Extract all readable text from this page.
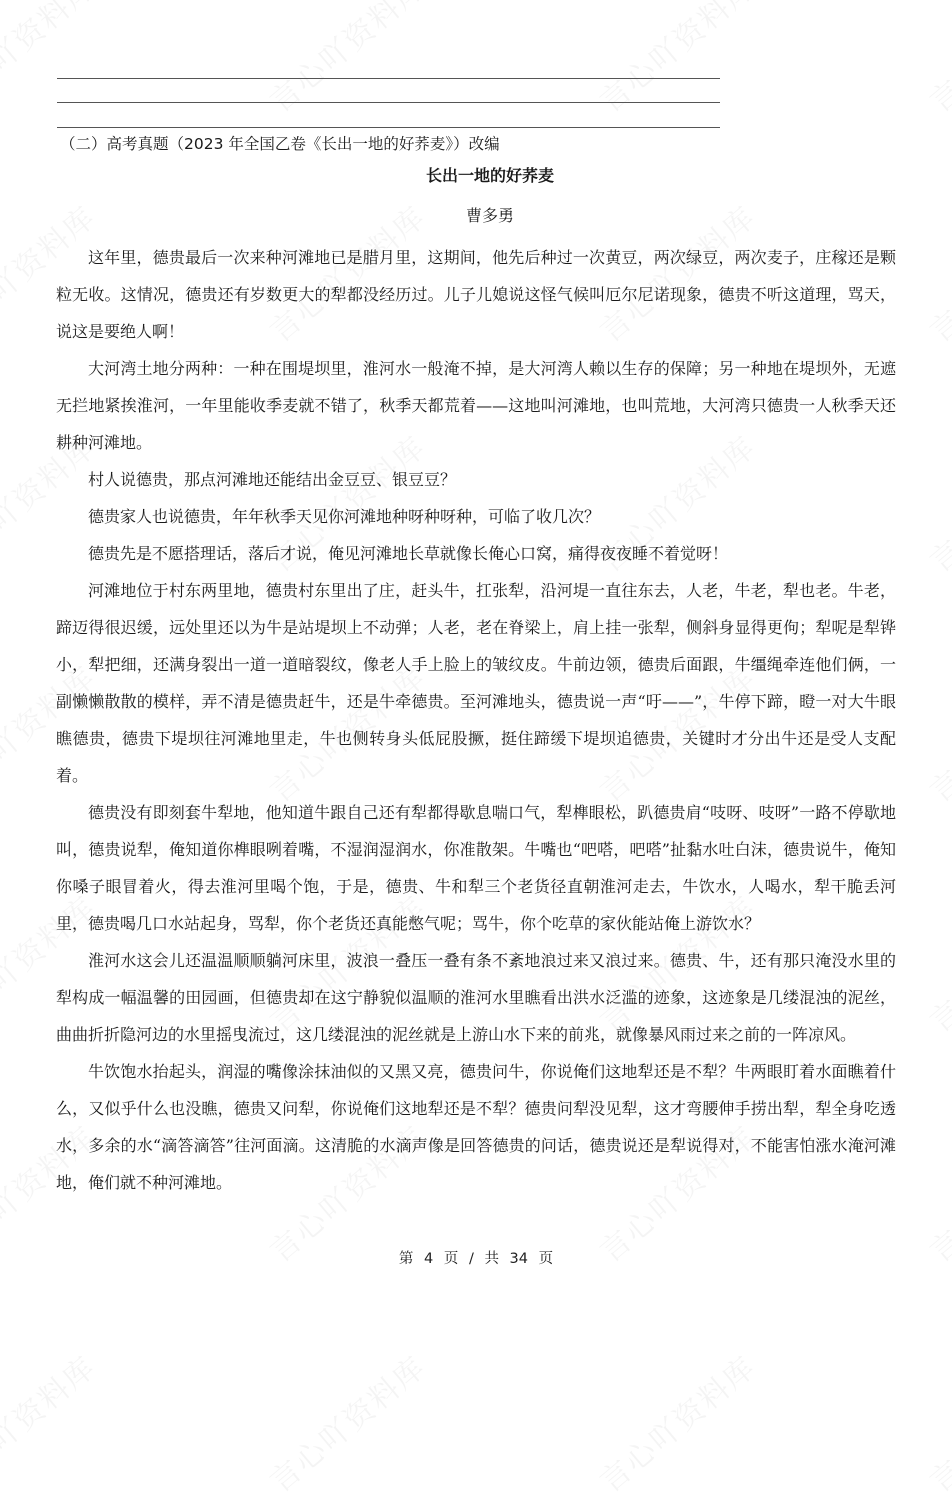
（二）高考真题（2023 年全国乙卷《长出一地的好荞麦》）改编
长出一地的好荞麦
曹多勇

这年里，德贵最后一次来种河滩地已是腊月里，这期间，他先后种过一次黄豆，两次绿豆，两次麦子，庄稼还是颗粒无收。这情况，德贵还有岁数更大的犁都没经历过。儿子儿媳说这怪气候叫厄尔尼诺现象，德贵不听这道理，骂天，说这是要绝人啊！

大河湾土地分两种：一种在围堤坝里，淮河水一般淹不掉，是大河湾人赖以生存的保障；另一种地在堤坝外，无遮无拦地紧挨淮河，一年里能收季麦就不错了，秋季天都荒着——这地叫河滩地，也叫荒地，大河湾只德贵一人秋季天还耕种河滩地。

村人说德贵，那点河滩地还能结出金豆豆、银豆豆？

德贵家人也说德贵，年年秋季天见你河滩地种呀种呀种，可临了收几次？

德贵先是不愿搭理话，落后才说，俺见河滩地长草就像长俺心口窝，痛得夜夜睡不着觉呀！

河滩地位于村东两里地，德贵村东里出了庄，赶头牛，扛张犁，沿河堤一直往东去，人老，牛老，犁也老。牛老，蹄迈得很迟缓，远处里还以为牛是站堤坝上不动弹；人老，老在脊梁上，肩上挂一张犁，侧斜身显得更佝；犁呢是犁铧小，犁把细，还满身裂出一道一道暗裂纹，像老人手上脸上的皱纹皮。牛前边领，德贵后面跟，牛缰绳牵连他们俩，一副懒懒散散的模样，弄不清是德贵赶牛，还是牛牵德贵。至河滩地头，德贵说一声“吁——”，牛停下蹄，瞪一对大牛眼瞧德贵，德贵下堤坝往河滩地里走，牛也侧转身头低屁股撅，挺住蹄缓下堤坝追德贵，关键时才分出牛还是受人支配着。

德贵没有即刻套牛犁地，他知道牛跟自己还有犁都得歇息喘口气，犁榫眼松，趴德贵肩“吱呀、吱呀”一路不停歇地叫，德贵说犁，俺知道你榫眼咧着嘴，不湿润湿润水，你准散架。牛嘴也“吧嗒，吧嗒”扯黏水吐白沫，德贵说牛，俺知你嗓子眼冒着火，得去淮河里喝个饱，于是，德贵、牛和犁三个老货径直朝淮河走去，牛饮水，人喝水，犁干脆丢河里，德贵喝几口水站起身，骂犁，你个老货还真能憋气呢；骂牛，你个吃草的家伙能站俺上游饮水？

淮河水这会儿还温温顺顺躺河床里，波浪一叠压一叠有条不紊地浪过来又浪过来。德贵、牛，还有那只淹没水里的犁构成一幅温馨的田园画，但德贵却在这宁静貌似温顺的淮河水里瞧看出洪水泛滥的迹象，这迹象是几缕混浊的泥丝，曲曲折折隐河边的水里摇曳流过，这几缕混浊的泥丝就是上游山水下来的前兆，就像暴风雨过来之前的一阵凉风。

牛饮饱水抬起头，润湿的嘴像涂抹油似的又黑又亮，德贵问牛，你说俺们这地犁还是不犁？牛两眼盯着水面瞧着什么，又似乎什么也没瞧，德贵又问犁，你说俺们这地犁还是不犁？德贵问犁没见犁，这才弯腰伸手捞出犁，犁全身吃透水，多余的水“滴答滴答”往河面滴。这清脆的水滴声像是回答德贵的问话，德贵说还是犁说得对，不能害怕涨水淹河滩地，俺们就不种河滩地。

第 4 页 / 共 34 页
